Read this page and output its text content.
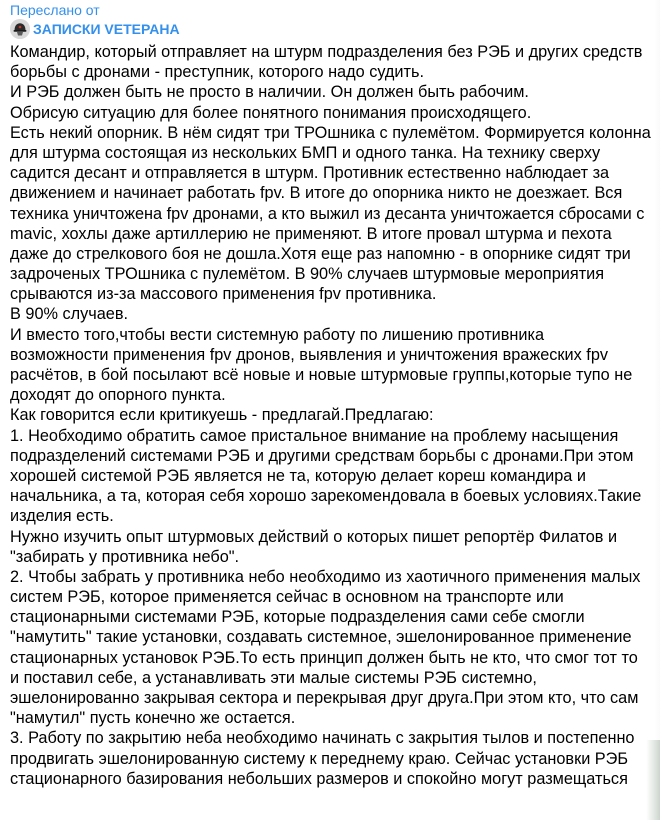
Переслано от
ЗАПИСКИ VETEPAHA
Командир, который отправляет на штурм подразделения без РЭБ и других средств
борьбы с дронами - преступник, которого надо судить.
И РЭБ должен быть не просто в наличии. Он должен быть рабочим.
Обрисую ситуацию для более понятного понимания происходящего.
Есть некий опорник. В нём сидят три ТРОшника с пулемётом. Формируется колонна
для штурма состоящая из нескольких БМП и одного танка. На технику сверху
садится десант и отправляется в штурм. Противник естественно наблюдает за
движением и начинает работать fpv. В итоге до опорника никто не доезжает. Вся
техника уничтожена fpv дронами, а кто выжил из десанта уничтожается сбросами с
mavic, хохлы даже артиллерию не применяют. В итоге провал штурма и пехота
даже до стрелкового боя не дошла.Хотя еще раз напомню - в опорнике сидят три
задроченых ТРОшника с пулемётом. В 90% случаев штурмовые мероприятия
срываются из-за массового применения fpv противника.
В 90% случаев.
И вместо того,чтобы вести системную работу по лишению противника
возможности применения fpv дронов, выявления и уничтожения вражеских fpv
расчётов, в бой посылают всё новые и новые штурмовые группы,которые тупо не
доходят до опорного пункта.
Как говорится если критикуешь - предлагай.Предлагаю:
1. Необходимо обратить самое пристальное внимание на проблему насыщения
подразделений системами РЭБ и другими средствам борьбы с дронами.При этом
хорошей системой РЭБ является не та, которую делает кореш командира и
начальника, а та, которая себя хорошо зарекомендовала в боевых условиях.Такие
изделия есть.
Нужно изучить опыт штурмовых действий о которых пишет репортёр Филатов и
"забирать у противника небо".
2. Чтобы забрать у противника небо необходимо из хаотичного применения малых
систем РЭБ, которое применяется сейчас в основном на транспорте или
стационарными системами РЭБ, которые подразделения сами себе смогли
"намутить" такие установки, создавать системное, эшелонированное применение
стационарных установок РЭБ.То есть принцип должен быть не кто, что смог тот то
и поставил себе, а устанавливать эти малые системы РЭБ системно,
эшелонированно закрывая сектора и перекрывая друг друга.При этом кто, что сам
"намутил" пусть конечно же остается.
3. Работу по закрытию неба необходимо начинать с закрытия тылов и постепенно
продвигать эшелонированную систему к переднему краю. Сейчас установки РЭБ
стационарного базирования небольших размеров и спокойно могут размещаться
